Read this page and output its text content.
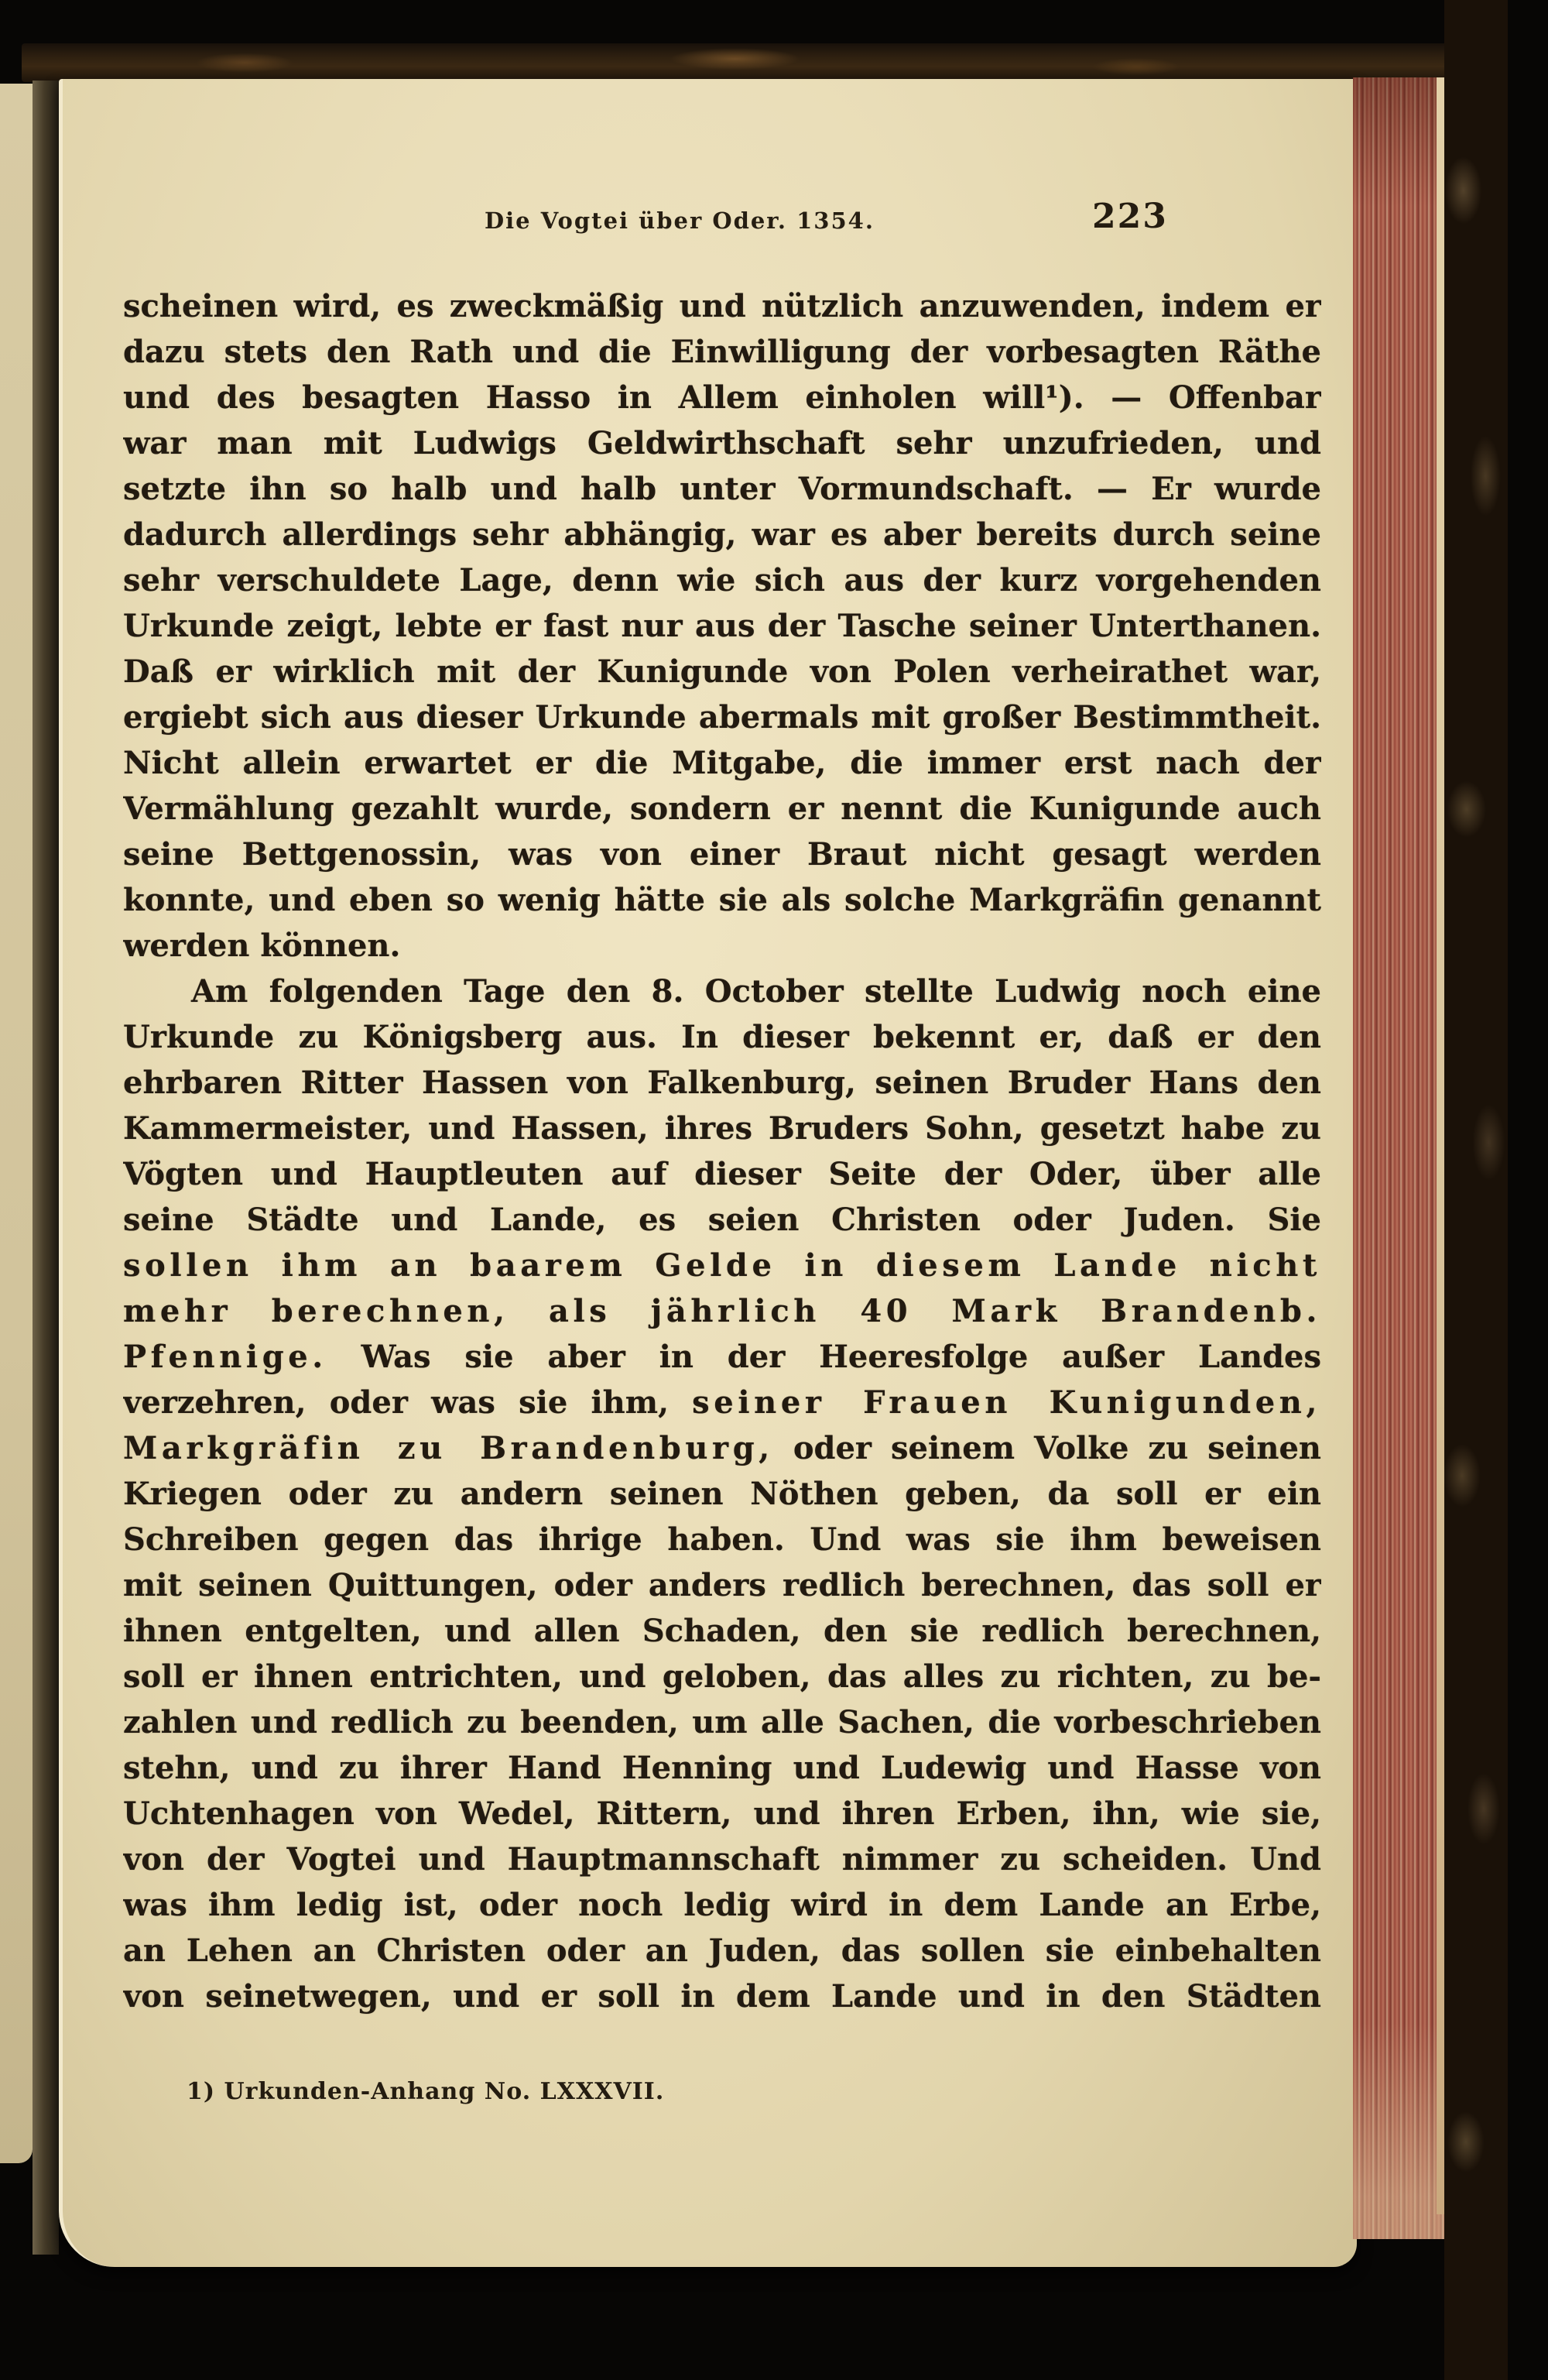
Die Vogtei über Oder. 1354.	223
scheinen wird, es zweckmäßig und nützlich anzuwenden, indem er
dazu stets den Rath und die Einwilligung der vorbesagten Räthe
und des besagten Hasso in Allem einholen will¹). — Offenbar
war man mit Ludwigs Geldwirthschaft sehr unzufrieden, und
setzte ihn so halb und halb unter Vormundschaft. — Er wurde
dadurch allerdings sehr abhängig, war es aber bereits durch seine
sehr verschuldete Lage, denn wie sich aus der kurz vorgehenden
Urkunde zeigt, lebte er fast nur aus der Tasche seiner Unterthanen.
Daß er wirklich mit der Kunigunde von Polen verheirathet war,
ergiebt sich aus dieser Urkunde abermals mit großer Bestimmtheit.
Nicht allein erwartet er die Mitgabe, die immer erst nach der
Vermählung gezahlt wurde, sondern er nennt die Kunigunde auch
seine Bettgenossin, was von einer Braut nicht gesagt werden
konnte, und eben so wenig hätte sie als solche Markgräfin genannt
werden können.
Am folgenden Tage den 8. October stellte Ludwig noch eine
Urkunde zu Königsberg aus. In dieser bekennt er, daß er den
ehrbaren Ritter Hassen von Falkenburg, seinen Bruder Hans den
Kammermeister, und Hassen, ihres Bruders Sohn, gesetzt habe zu
Vögten und Hauptleuten auf dieser Seite der Oder, über alle
seine Städte und Lande, es seien Christen oder Juden. Sie
sollen ihm an baarem Gelde in diesem Lande nicht
mehr berechnen, als jährlich 40 Mark Brandenb.
Pfennige. Was sie aber in der Heeresfolge außer Landes
verzehren, oder was sie ihm, seiner Frauen Kunigunden,
Markgräfin zu Brandenburg, oder seinem Volke zu seinen
Kriegen oder zu andern seinen Nöthen geben, da soll er ein
Schreiben gegen das ihrige haben. Und was sie ihm beweisen
mit seinen Quittungen, oder anders redlich berechnen, das soll er
ihnen entgelten, und allen Schaden, den sie redlich berechnen,
soll er ihnen entrichten, und geloben, das alles zu richten, zu be-
zahlen und redlich zu beenden, um alle Sachen, die vorbeschrieben
stehn, und zu ihrer Hand Henning und Ludewig und Hasse von
Uchtenhagen von Wedel, Rittern, und ihren Erben, ihn, wie sie,
von der Vogtei und Hauptmannschaft nimmer zu scheiden. Und
was ihm ledig ist, oder noch ledig wird in dem Lande an Erbe,
an Lehen an Christen oder an Juden, das sollen sie einbehalten
von seinetwegen, und er soll in dem Lande und in den Städten
1) Urkunden-Anhang No. LXXXVII.
